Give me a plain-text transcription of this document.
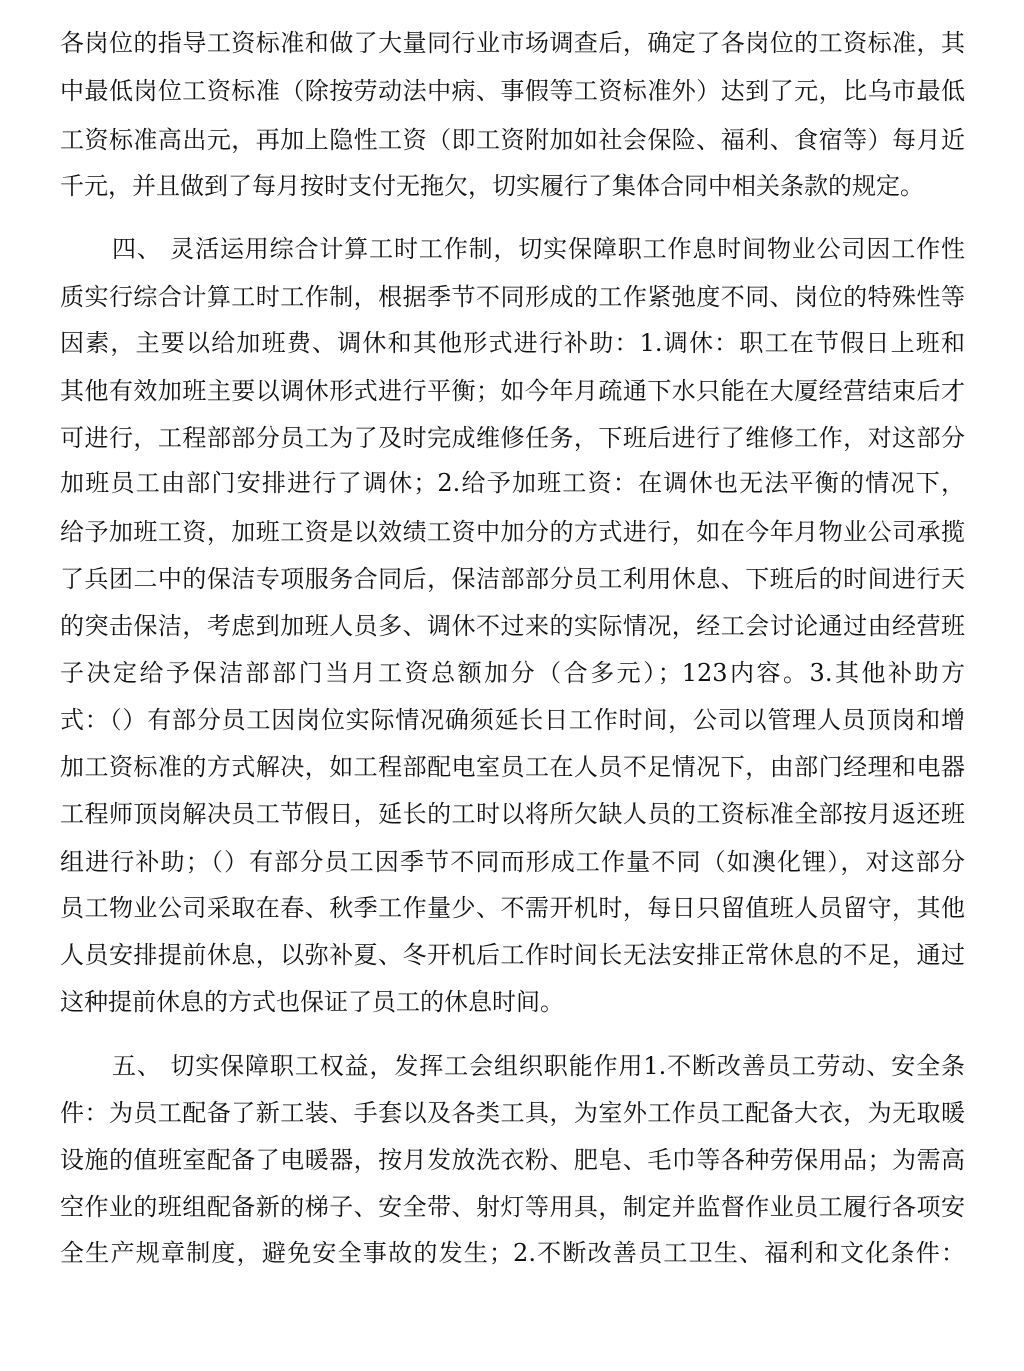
各岗位的指导工资标准和做了大量同行业市场调查后，确定了各岗位的工资标准，其
中最低岗位工资标准（除按劳动法中病、事假等工资标准外）达到了元，比乌市最低
工资标准高出元，再加上隐性工资（即工资附加如社会保险、福利、食宿等）每月近
千元，并且做到了每月按时支付无拖欠，切实履行了集体合同中相关条款的规定。
四、 灵活运用综合计算工时工作制，切实保障职工作息时间物业公司因工作性
质实行综合计算工时工作制，根据季节不同形成的工作紧弛度不同、岗位的特殊性等
因素，主要以给加班费、调休和其他形式进行补助：1.调休：职工在节假日上班和
其他有效加班主要以调休形式进行平衡；如今年月疏通下水只能在大厦经营结束后才
可进行，工程部部分员工为了及时完成维修任务，下班后进行了维修工作，对这部分
加班员工由部门安排进行了调休；2.给予加班工资：在调休也无法平衡的情况下，
给予加班工资，加班工资是以效绩工资中加分的方式进行，如在今年月物业公司承揽
了兵团二中的保洁专项服务合同后，保洁部部分员工利用休息、下班后的时间进行天
的突击保洁，考虑到加班人员多、调休不过来的实际情况，经工会讨论通过由经营班
子决定给予保洁部部门当月工资总额加分（合多元）；123内容。3.其他补助方
式：（）有部分员工因岗位实际情况确须延长日工作时间，公司以管理人员顶岗和增
加工资标准的方式解决，如工程部配电室员工在人员不足情况下，由部门经理和电器
工程师顶岗解决员工节假日，延长的工时以将所欠缺人员的工资标准全部按月返还班
组进行补助；（）有部分员工因季节不同而形成工作量不同（如澳化锂），对这部分
员工物业公司采取在春、秋季工作量少、不需开机时，每日只留值班人员留守，其他
人员安排提前休息，以弥补夏、冬开机后工作时间长无法安排正常休息的不足，通过
这种提前休息的方式也保证了员工的休息时间。
五、 切实保障职工权益，发挥工会组织职能作用1.不断改善员工劳动、安全条
件：为员工配备了新工装、手套以及各类工具，为室外工作员工配备大衣，为无取暖
设施的值班室配备了电暖器，按月发放洗衣粉、肥皂、毛巾等各种劳保用品；为需高
空作业的班组配备新的梯子、安全带、射灯等用具，制定并监督作业员工履行各项安
全生产规章制度，避免安全事故的发生；2.不断改善员工卫生、福利和文化条件：
